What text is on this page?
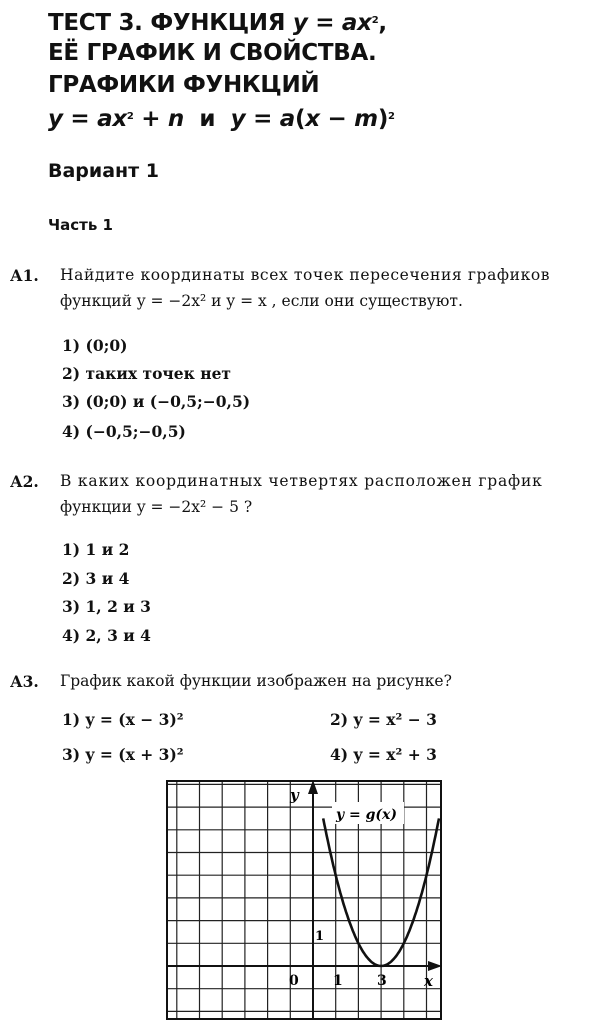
ТЕСТ 3. ФУНКЦИЯ $y = ax^2$,
ЕЁ ГРАФИК И СВОЙСТВА.
ГРАФИКИ ФУНКЦИЙ
$y = ax^2 + n$  и  $y = a(x - m)^2$
Вариант 1
Часть 1
А1. Найдите координаты всех точек пересечения графиков
функций y = −2x² и y = x , если они существуют.
1) (0;0)
2) таких точек нет
3) (0;0) и (−0,5;−0,5)
4) (−0,5;−0,5)
А2. В каких координатных четвертях расположен график
функции y = −2x² − 5 ?
1) 1 и 2
2) 3 и 4
3) 1, 2 и 3
4) 2, 3 и 4
А3. График какой функции изображен на рисунке?
1) y = (x − 3)²	2) y = x² − 3
3) y = (x + 3)²	4) y = x² + 3
y = g(x)
y
x
0 1 3
1
